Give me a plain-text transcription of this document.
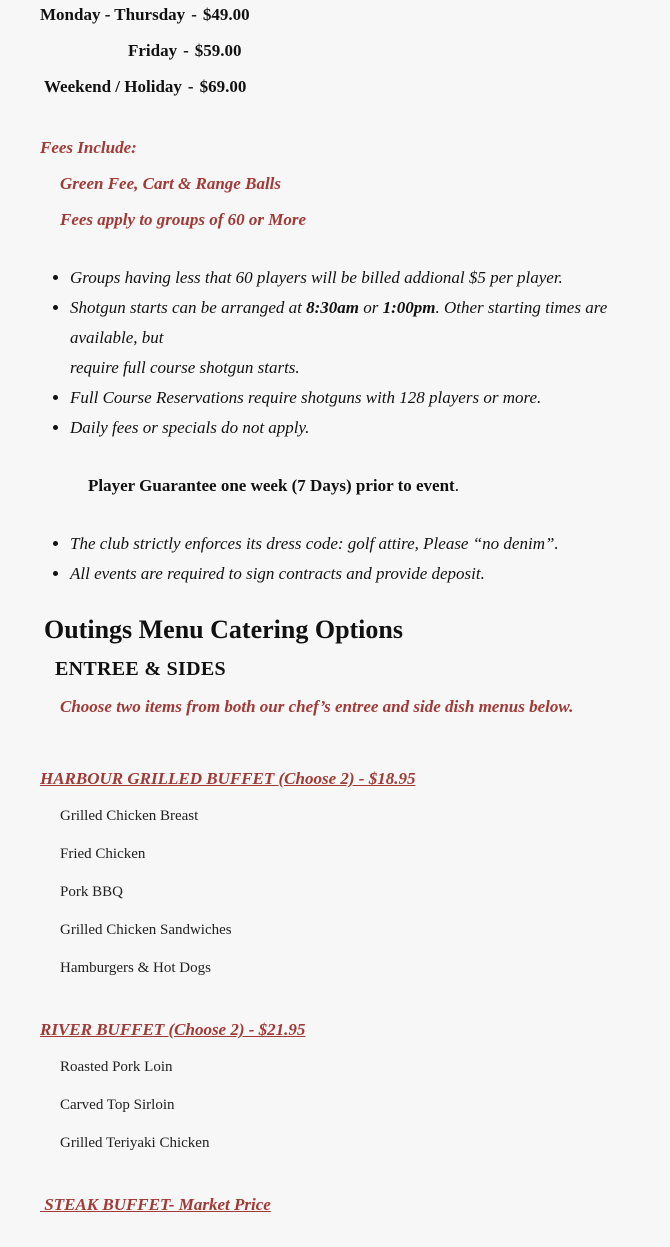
Monday - Thursday - $49.00
Friday - $59.00
Weekend / Holiday - $69.00
Fees Include:
Green Fee, Cart & Range Balls
Fees apply to groups of 60 or More
• Groups having less that 60 players will be billed addional $5 per player.
• Shotgun starts can be arranged at 8:30am or 1:00pm. Other starting times are available, but
require full course shotgun starts.
• Full Course Reservations require shotguns with 128 players or more.
• Daily fees or specials do not apply.
Player Guarantee one week (7 Days) prior to event.
• The club strictly enforces its dress code: golf attire, Please “no denim”.
• All events are required to sign contracts and provide deposit.
Outings Menu Catering Options
ENTREE & SIDES
Choose two items from both our chef’s entree and side dish menus below.
HARBOUR GRILLED BUFFET (Choose 2) - $18.95
Grilled Chicken Breast
Fried Chicken
Pork BBQ
Grilled Chicken Sandwiches
Hamburgers & Hot Dogs
RIVER BUFFET (Choose 2) - $21.95
Roasted Pork Loin
Carved Top Sirloin
Grilled Teriyaki Chicken
STEAK BUFFET- Market Price
